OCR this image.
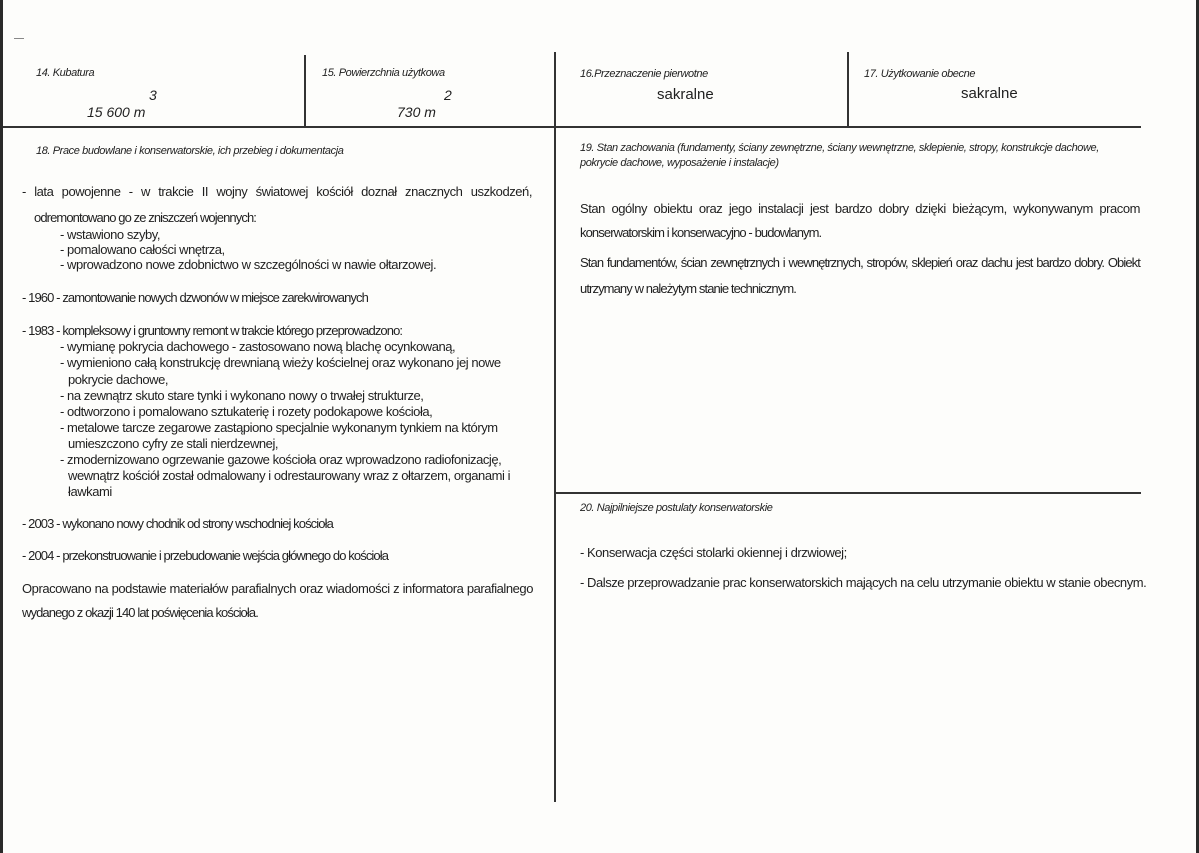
14. Kubatura
3
15 600 m
15. Powierzchnia użytkowa
2
730 m
16.Przeznaczenie pierwotne
sakralne
17. Użytkowanie obecne
sakralne
18. Prace budowlane i konserwatorskie, ich przebieg i dokumentacja
- lata powojenne - w trakcie II wojny światowej kościół doznał znacznych uszkodzeń,
odremontowano go ze zniszczeń wojennych:
- wstawiono szyby,
- pomalowano całości wnętrza,
- wprowadzono nowe zdobnictwo w szczególności w nawie ołtarzowej.
- 1960 - zamontowanie nowych dzwonów w miejsce zarekwirowanych
- 1983 - kompleksowy i gruntowny remont w trakcie którego przeprowadzono:
- wymianę pokrycia dachowego - zastosowano nową blachę ocynkowaną,
- wymieniono całą konstrukcję drewnianą wieży kościelnej oraz wykonano jej nowe
pokrycie dachowe,
- na zewnątrz skuto stare tynki i wykonano nowy o trwałej strukturze,
- odtworzono i pomalowano sztukaterię i rozety podokapowe kościoła,
- metalowe tarcze zegarowe zastąpiono specjalnie wykonanym tynkiem na którym
umieszczono cyfry ze stali nierdzewnej,
- zmodernizowano ogrzewanie gazowe kościoła oraz wprowadzono radiofonizację,
wewnątrz kościół został odmalowany i odrestaurowany wraz z ołtarzem, organami i
ławkami
- 2003 - wykonano nowy chodnik od strony wschodniej kościoła
- 2004 - przekonstruowanie i przebudowanie wejścia głównego do kościoła
Opracowano na podstawie materiałów parafialnych oraz wiadomości z informatora parafialnego
wydanego z okazji 140 lat poświęcenia kościoła.
19. Stan zachowania (fundamenty, ściany zewnętrzne, ściany wewnętrzne, sklepienie, stropy, konstrukcje dachowe,
pokrycie dachowe, wyposażenie i instalacje)
Stan ogólny obiektu oraz jego instalacji jest bardzo dobry dzięki bieżącym, wykonywanym pracom
konserwatorskim i konserwacyjno - budowlanym.
Stan fundamentów, ścian zewnętrznych i wewnętrznych, stropów, sklepień oraz dachu jest bardzo dobry. Obiekt
utrzymany w należytym stanie technicznym.
20. Najpilniejsze postulaty konserwatorskie
- Konserwacja części stolarki okiennej i drzwiowej;
- Dalsze przeprowadzanie prac konserwatorskich mających na celu utrzymanie obiektu w stanie obecnym.
